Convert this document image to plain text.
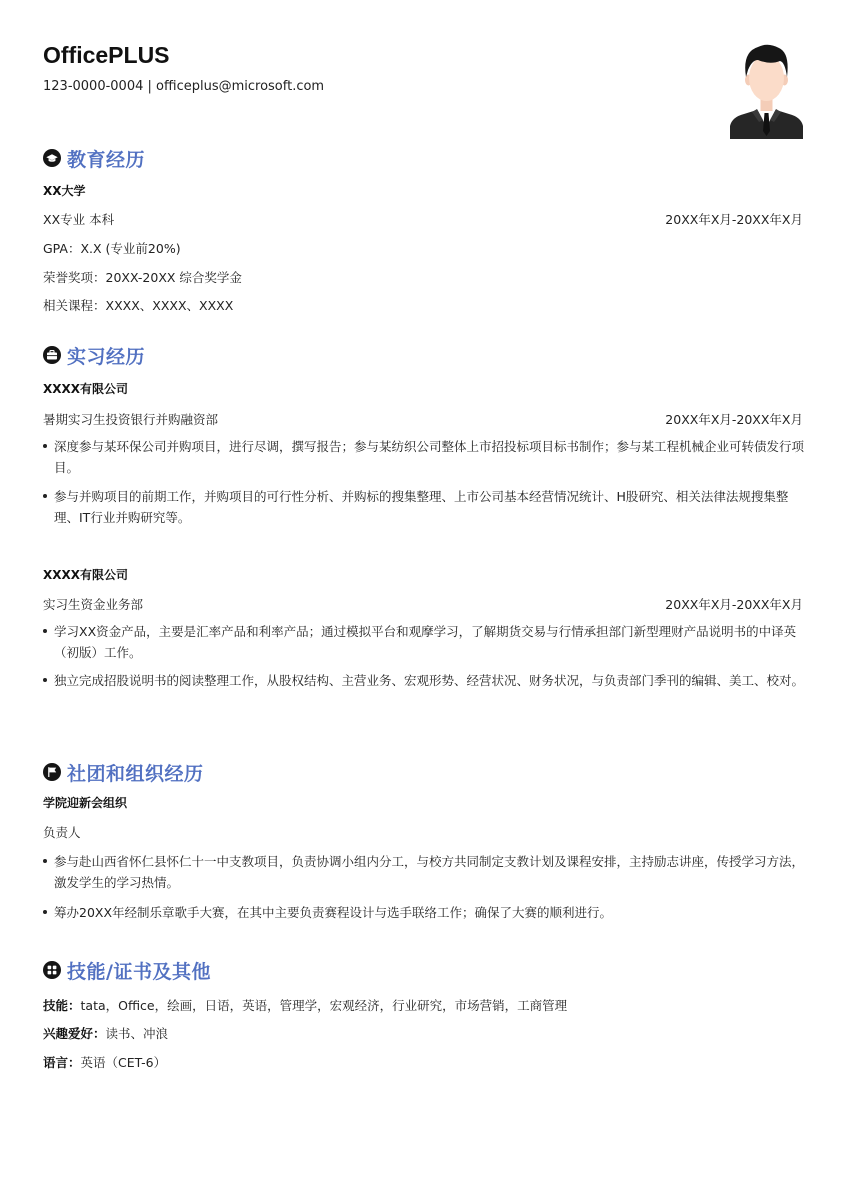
OfficePLUS

123-0000-0004 | officeplus@microsoft.com

教育经历
XX大学
XX专业 本科	20XX年X月-20XX年X月
GPA：X.X (专业前20%)
荣誉奖项：20XX-20XX 综合奖学金
相关课程：XXXX、XXXX、XXXX
实习经历
XXXX有限公司
暑期实习生投资银行并购融资部	20XX年X月-20XX年X月
深度参与某环保公司并购项目，进行尽调，撰写报告；参与某纺织公司整体上市招投标项目标书制作；参与某工程机械企业可转债发行项目。
参与并购项目的前期工作，并购项目的可行性分析、并购标的搜集整理、上市公司基本经营情况统计、H股研究、相关法律法规搜集整理、IT行业并购研究等。
XXXX有限公司
实习生资金业务部	20XX年X月-20XX年X月
学习XX资金产品，主要是汇率产品和利率产品；通过模拟平台和观摩学习，了解期货交易与行情承担部门新型理财产品说明书的中译英（初版）工作。
独立完成招股说明书的阅读整理工作，从股权结构、主营业务、宏观形势、经营状况、财务状况，与负责部门季刊的编辑、美工、校对。
社团和组织经历
学院迎新会组织
负责人
参与赴山西省怀仁县怀仁十一中支教项目，负责协调小组内分工，与校方共同制定支教计划及课程安排，主持励志讲座，传授学习方法，激发学生的学习热情。
筹办20XX年经制乐章歌手大赛，在其中主要负责赛程设计与选手联络工作；确保了大赛的顺利进行。
技能/证书及其他
技能：tata，Office，绘画，日语，英语，管理学，宏观经济，行业研究，市场营销，工商管理
兴趣爱好：读书、冲浪
语言：英语（CET-6）
